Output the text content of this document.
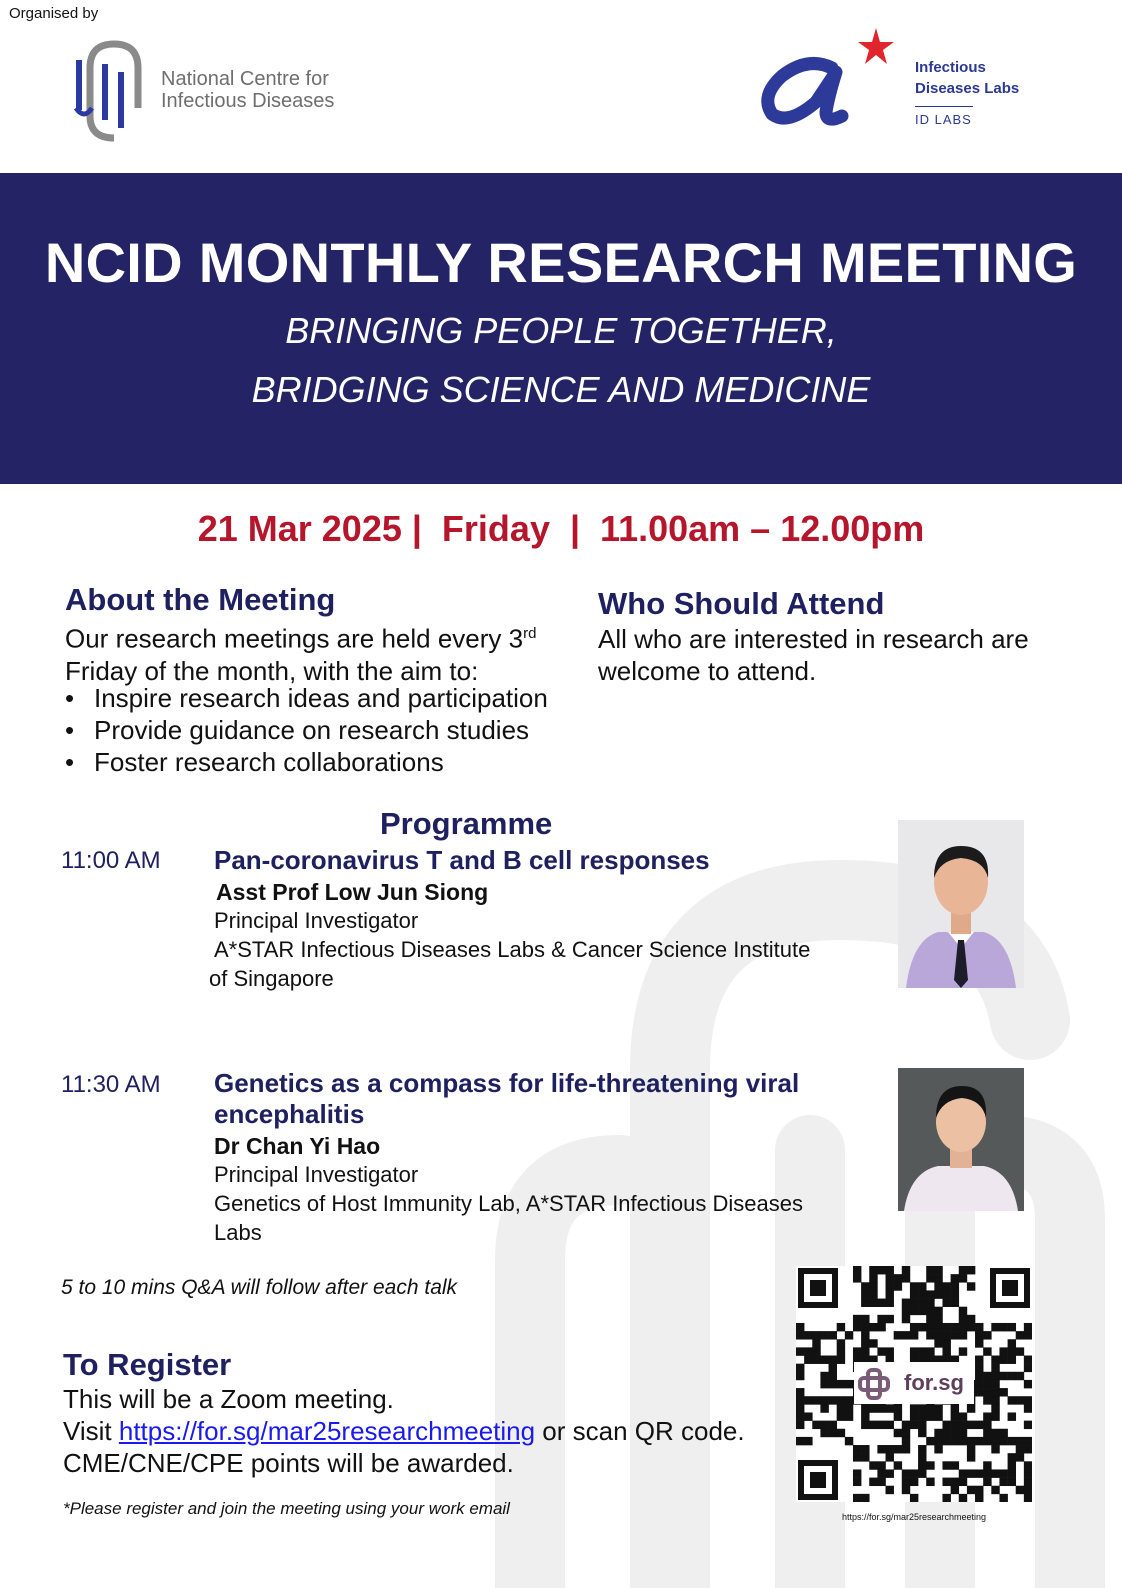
Organised by
National Centre for
Infectious Diseases
Infectious
Diseases Labs
ID LABS
NCID MONTHLY RESEARCH MEETING
BRINGING PEOPLE TOGETHER,
BRIDGING SCIENCE AND MEDICINE
21 Mar 2025 |  Friday  |  11.00am – 12.00pm
About the Meeting
Our research meetings are held every 3rd
Friday of the month, with the aim to:
• Inspire research ideas and participation
• Provide guidance on research studies
• Foster research collaborations
Who Should Attend
All who are interested in research are
welcome to attend.
Programme
11:00 AM Pan-coronavirus T and B cell responses
Asst Prof Low Jun Siong
Principal Investigator
A*STAR Infectious Diseases Labs & Cancer Science Institute
of Singapore
11:30 AM Genetics as a compass for life-threatening viral
encephalitis
Dr Chan Yi Hao
Principal Investigator
Genetics of Host Immunity Lab, A*STAR Infectious Diseases
Labs
5 to 10 mins Q&A will follow after each talk
To Register
This will be a Zoom meeting.
Visit https://for.sg/mar25researchmeeting or scan QR code.
CME/CNE/CPE points will be awarded.
*Please register and join the meeting using your work email
for.sg
https://for.sg/mar25researchmeeting
